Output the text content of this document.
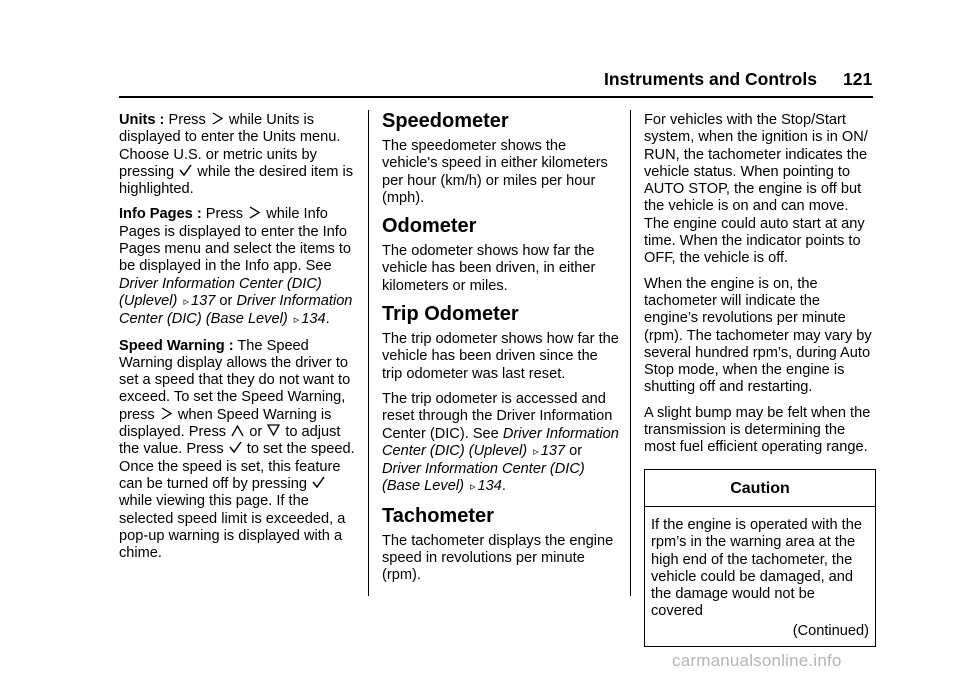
Instruments and Controls 121

Units : Press while Units is displayed to enter the Units menu. Choose U.S. or metric units by pressing while the desired item is highlighted.

Info Pages : Press while Info Pages is displayed to enter the Info Pages menu and select the items to be displayed in the Info app. See Driver Information Center (DIC) (Uplevel) ▹ 137 or Driver Information Center (DIC) (Base Level) ▹ 134.

Speed Warning : The Speed Warning display allows the driver to set a speed that they do not want to exceed. To set the Speed Warning, press when Speed Warning is displayed. Press or to adjust the value. Press to set the speed. Once the speed is set, this feature can be turned off by pressing
while viewing this page. If the selected speed limit is exceeded, a pop-up warning is displayed with a chime.

Speedometer

The speedometer shows the vehicle's speed in either kilometers per hour (km/h) or miles per hour (mph).

Odometer

The odometer shows how far the vehicle has been driven, in either kilometers or miles.

Trip Odometer

The trip odometer shows how far the vehicle has been driven since the trip odometer was last reset.

The trip odometer is accessed and reset through the Driver Information Center (DIC). See Driver Information Center (DIC) (Uplevel) ▹ 137 or Driver Information Center (DIC) (Base Level) ▹ 134.

Tachometer

The tachometer displays the engine speed in revolutions per minute (rpm).

For vehicles with the Stop/Start system, when the ignition is in ON/ RUN, the tachometer indicates the vehicle status. When pointing to AUTO STOP, the engine is off but the vehicle is on and can move. The engine could auto start at any time. When the indicator points to OFF, the vehicle is off.

When the engine is on, the tachometer will indicate the engine’s revolutions per minute (rpm). The tachometer may vary by several hundred rpm’s, during Auto Stop mode, when the engine is shutting off and restarting.

A slight bump may be felt when the transmission is determining the most fuel efficient operating range.

Caution

If the engine is operated with the rpm’s in the warning area at the high end of the tachometer, the vehicle could be damaged, and the damage would not be covered

(Continued)
carmanualsonline.info
